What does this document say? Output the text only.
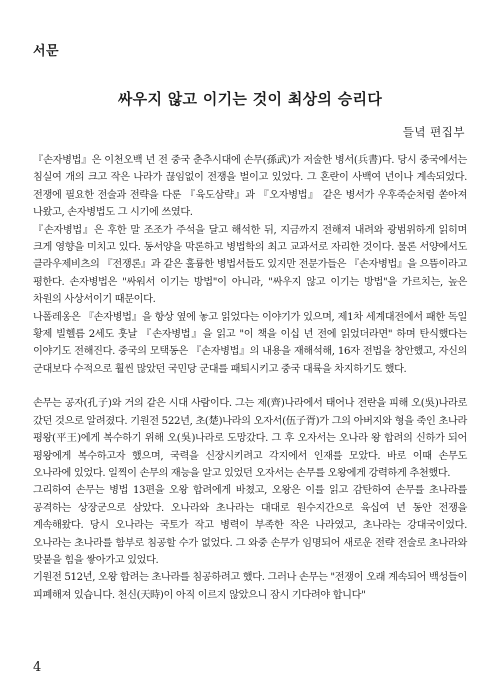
서문
싸우지 않고 이기는 것이 최상의 승리다
들녘 편집부

『손자병법』은 이천오백 년 전 중국 춘추시대에 손무(孫武)가 저술한 병서(兵書)다. 당시 중국에서는 침실여 개의 크고 작은 나라가 끊임없이 전쟁을 벌이고 있었다. 그 혼란이 사백여 년이나 계속되었다. 전쟁에 필요한 전술과 전략을 다룬 『육도삼략』과 『오자병법』 같은 병서가 우후죽순처럼 쏟아져 나왔고, 손자병법도 그 시기에 쓰였다.

『손자병법』은 후한 말 조조가 주석을 달고 해석한 뒤, 지금까지 전해져 내려와 광범위하게 읽히며 크게 영향을 미치고 있다. 동서양을 막론하고 병법학의 최고 교과서로 자리한 것이다. 물론 서양에서도 클라우제비츠의 『전쟁론』과 같은 훌륭한 병법서들도 있지만 전문가들은 『손자병법』을 으뜸이라고 평한다. 손자병법은 "싸워서 이기는 방법"이 아니라, "싸우지 않고 이기는 방법"을 가르치는, 높은 차원의 사상서이기 때문이다.

나폴레옹은 『손자병법』을 항상 옆에 놓고 읽었다는 이야기가 있으며, 제1차 세계대전에서 패한 독일 황제 빌헬름 2세도 훗날 『손자병법』을 읽고 "이 책을 이십 년 전에 읽었더라면" 하며 탄식했다는 이야기도 전해진다. 중국의 모택동은 『손자병법』의 내용을 재해석해, 16자 전법을 창안했고, 자신의 군대보다 수적으로 훨씬 많았던 국민당 군대를 패퇴시키고 중국 대륙을 차지하기도 했다.

손무는 공자(孔子)와 거의 같은 시대 사람이다. 그는 제(齊)나라에서 태어나 전란을 피해 오(吳)나라로 갔던 것으로 알려졌다. 기원전 522년, 초(楚)나라의 오자서(伍子胥)가 그의 아버지와 형을 죽인 초나라 평왕(平王)에게 복수하기 위해 오(吳)나라로 도망갔다. 그 후 오자서는 오나라 왕 합려의 신하가 되어 평왕에게 복수하고자 했으며, 국력을 신장시키려고 각지에서 인재를 모았다. 바로 이때 손무도 오나라에 있었다. 일찍이 손무의 재능을 알고 있었던 오자서는 손무를 오왕에게 강력하게 추천했다.

그리하여 손무는 병법 13편을 오왕 합려에게 바쳤고, 오왕은 이를 읽고 감탄하여 손무를 초나라를 공격하는 상장군으로 삼았다. 오나라와 초나라는 대대로 원수지간으로 육십여 년 동안 전쟁을 계속해왔다. 당시 오나라는 국토가 작고 병력이 부족한 작은 나라였고, 초나라는 강대국이었다. 오나라는 초나라를 함부로 침공할 수가 없었다. 그 와중 손무가 임명되어 새로운 전략 전술로 초나라와 맞붙을 힘을 쌓아가고 있었다.

기원전 512년, 오왕 합려는 초나라를 침공하려고 했다. 그러나 손무는 "전쟁이 오래 계속되어 백성들이 피폐해져 있습니다. 천신(天時)이 아직 이르지 않았으니 잠시 기다려야 합니다"

4
